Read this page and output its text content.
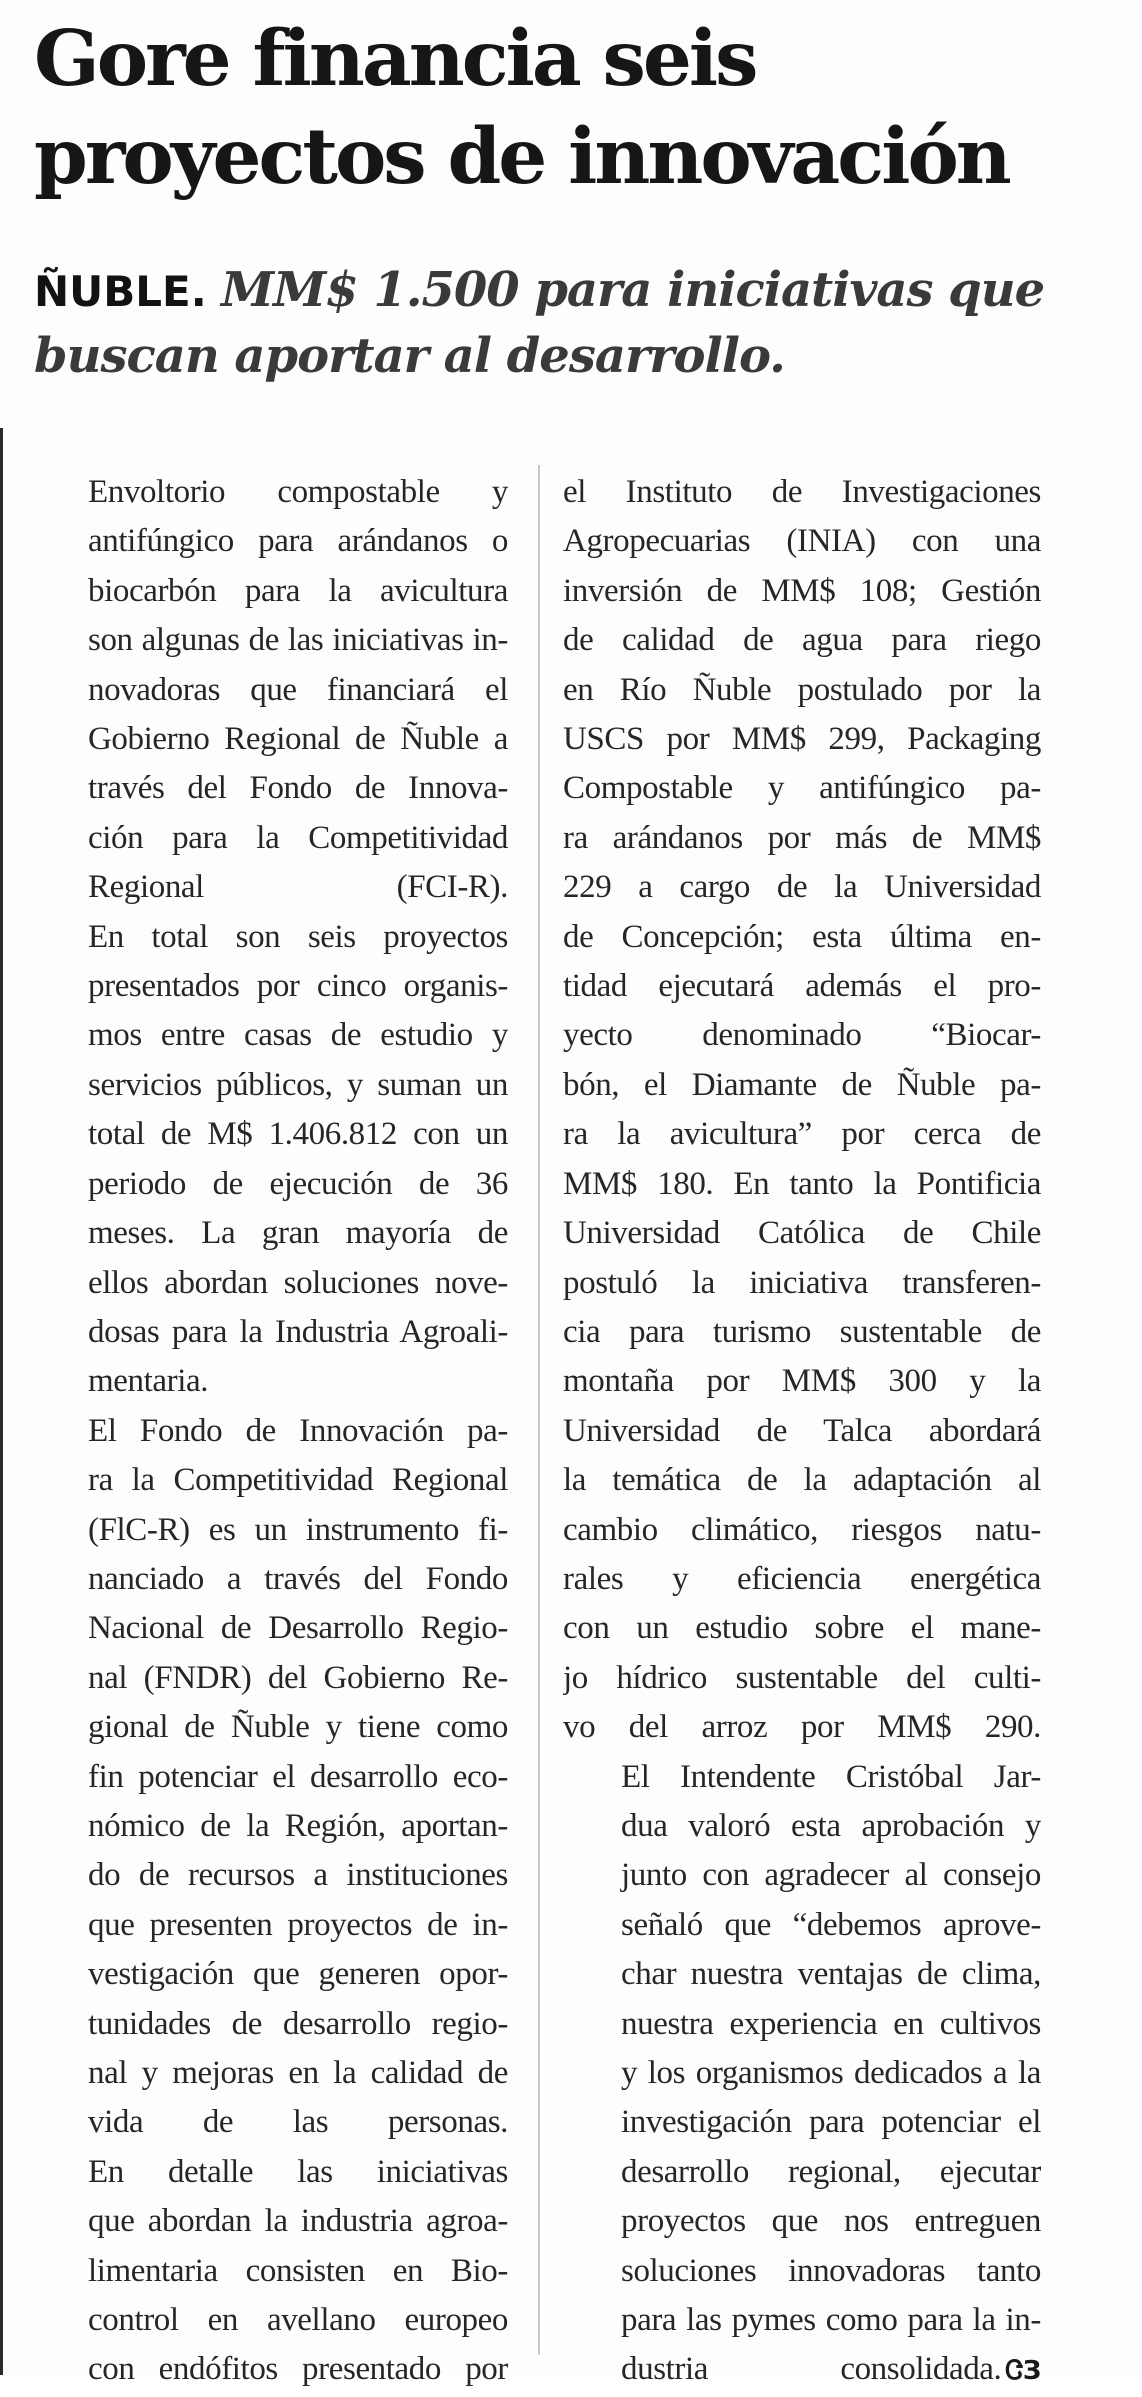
Gore financia seis
proyectos de innovación
ÑUBLE. MM$ 1.500 para iniciativas que
buscan aportar al desarrollo.

Envoltorio compostable y
antifúngico para arándanos o
biocarbón para la avicultura
son algunas de las iniciativas in-
novadoras que financiará el
Gobierno Regional de Ñuble a
través del Fondo de Innova-
ción para la Competitividad
Regional (FCI-R).

En total son seis proyectos
presentados por cinco organis-
mos entre casas de estudio y
servicios públicos, y suman un
total de M$ 1.406.812 con un
periodo de ejecución de 36
meses. La gran mayoría de
ellos abordan soluciones nove-
dosas para la Industria Agroali-
mentaria.

El Fondo de Innovación pa-
ra la Competitividad Regional
(FlC-R) es un instrumento fi-
nanciado a través del Fondo
Nacional de Desarrollo Regio-
nal (FNDR) del Gobierno Re-
gional de Ñuble y tiene como
fin potenciar el desarrollo eco-
nómico de la Región, aportan-
do de recursos a instituciones
que presenten proyectos de in-
vestigación que generen opor-
tunidades de desarrollo regio-
nal y mejoras en la calidad de
vida de las personas.

En detalle las iniciativas
que abordan la industria agroa-
limentaria consisten en Bio-
control en avellano europeo
con endófitos presentado por

el Instituto de Investigaciones
Agropecuarias (INIA) con una
inversión de MM$ 108; Gestión
de calidad de agua para riego
en Río Ñuble postulado por la
USCS por MM$ 299, Packaging
Compostable y antifúngico pa-
ra arándanos por más de MM$
229 a cargo de la Universidad
de Concepción; esta última en-
tidad ejecutará además el pro-
yecto denominado “Biocar-
bón, el Diamante de Ñuble pa-
ra la avicultura” por cerca de
MM$ 180. En tanto la Pontificia
Universidad Católica de Chile
postuló la iniciativa transferen-
cia para turismo sustentable de
montaña por MM$ 300 y la
Universidad de Talca abordará
la temática de la adaptación al
cambio climático, riesgos natu-
rales y eficiencia energética
con un estudio sobre el mane-
jo hídrico sustentable del culti-
vo del arroz por MM$ 290.

El Intendente Cristóbal Jar-
dua valoró esta aprobación y
junto con agradecer al consejo
señaló que “debemos aprove-
char nuestra ventajas de clima,
nuestra experiencia en cultivos
y los organismos dedicados a la
investigación para potenciar el
desarrollo regional, ejecutar
proyectos que nos entreguen
soluciones innovadoras tanto
para las pymes como para la in-
dustria consolidada. ᏣЗ
